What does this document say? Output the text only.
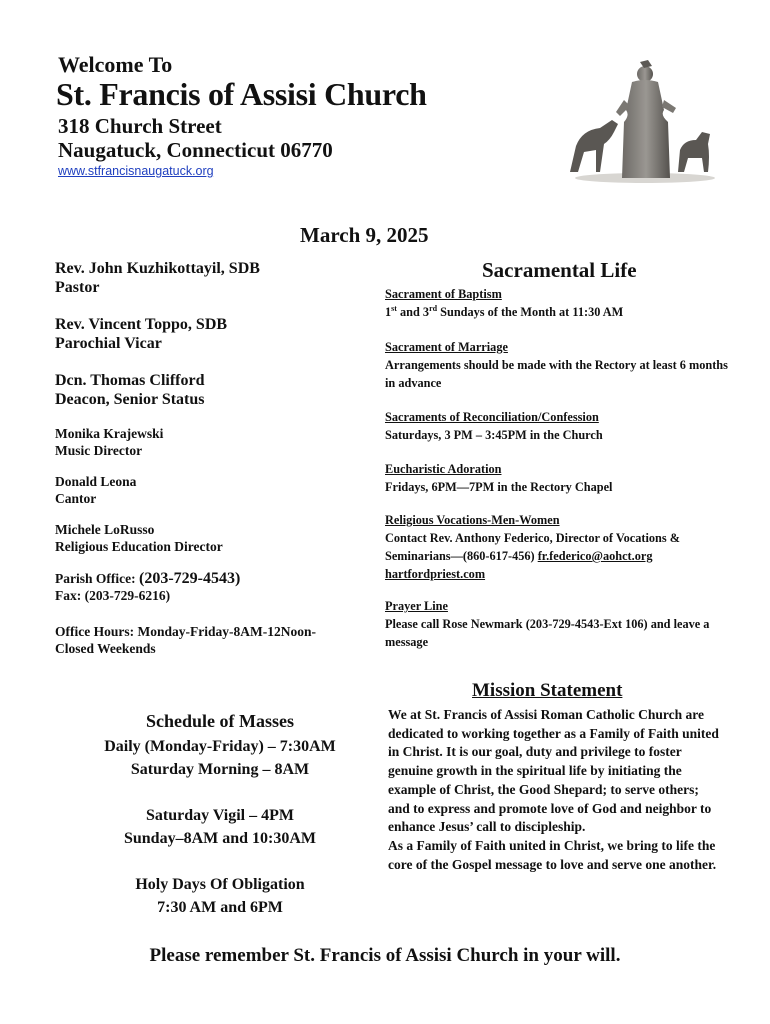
Welcome To
St. Francis of Assisi Church
318 Church Street
Naugatuck, Connecticut 06770
www.stfrancisnaugatuck.org
March 9, 2025
Rev. John Kuzhikottayil, SDB
Pastor
Rev. Vincent Toppo, SDB
Parochial Vicar
Dcn. Thomas Clifford
Deacon, Senior Status
Monika Krajewski
Music Director
Donald Leona
Cantor
Michele LoRusso
Religious Education Director
Parish Office: (203-729-4543)
Fax: (203-729-6216)
Office Hours: Monday-Friday-8AM-12Noon-
Closed Weekends
Sacramental Life
Sacrament of Baptism
1st and 3rd Sundays of the Month at 11:30 AM
Sacrament of Marriage
Arrangements should be made with the Rectory at least 6 months in advance
Sacraments of Reconciliation/Confession
Saturdays, 3 PM – 3:45PM in the Church
Eucharistic Adoration
Fridays, 6PM—7PM in the Rectory Chapel
Religious Vocations-Men-Women
Contact Rev. Anthony Federico, Director of Vocations & Seminarians—(860-617-456) fr.federico@aohct.org
hartfordpriest.com
Prayer Line
Please call Rose Newmark (203-729-4543-Ext 106) and leave a message
Schedule of Masses
Daily (Monday-Friday) – 7:30AM
Saturday Morning – 8AM
Saturday Vigil – 4PM
Sunday–8AM and 10:30AM
Holy Days Of Obligation
7:30 AM and 6PM
Mission Statement
We at St. Francis of Assisi Roman Catholic Church are dedicated to working together as a Family of Faith united in Christ. It is our goal, duty and privilege to foster genuine growth in the spiritual life by initiating the example of Christ, the Good Shepard; to serve others; and to express and promote love of God and neighbor to enhance Jesus’ call to discipleship.
As a Family of Faith united in Christ, we bring to life the core of the Gospel message to love and serve one another.
Please remember St. Francis of Assisi Church in your will.
